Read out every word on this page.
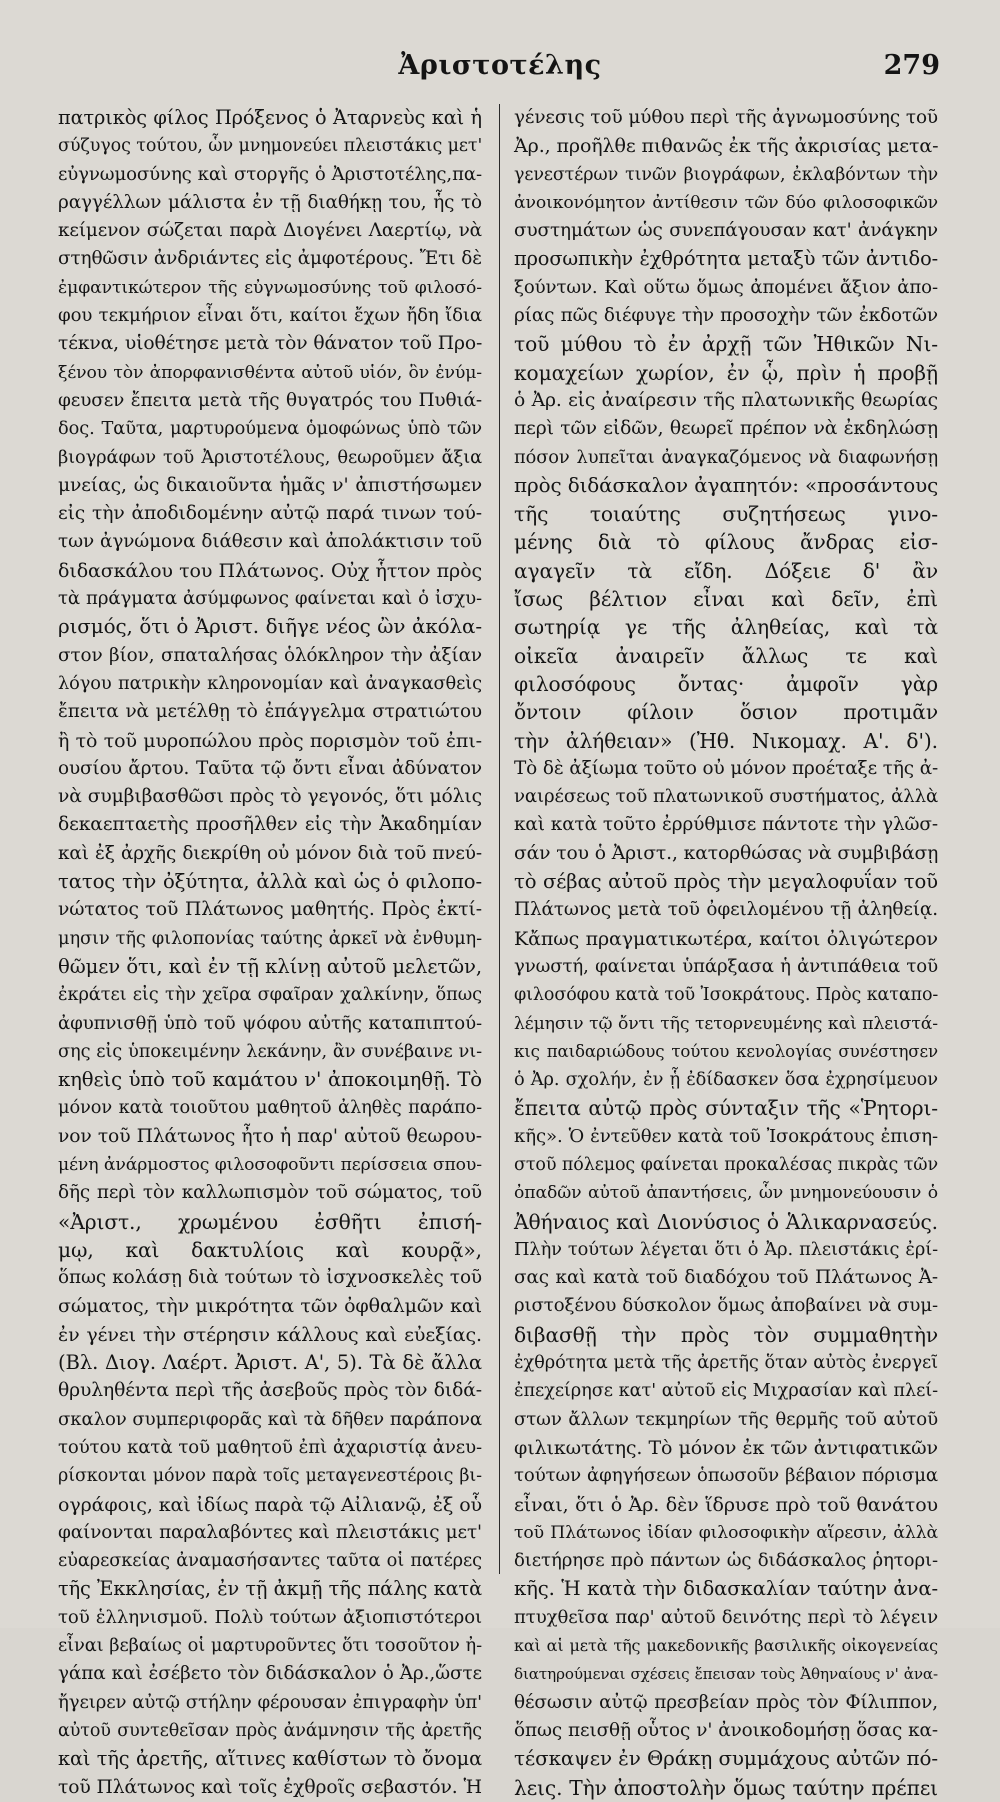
Ἀριστοτέλης	279
πατρικὸς φίλος Πρόξενος ὁ Ἀταρνεὺς καὶ ἡ
σύζυγος τούτου, ὧν μνημονεύει πλειστάκις μετ'
εὐγνωμοσύνης καὶ στοργῆς ὁ Ἀριστοτέλης,πα-
ραγγέλλων μάλιστα ἐν τῇ διαθήκῃ του, ἧς τὸ
κείμενον σώζεται παρὰ Διογένει Λαερτίῳ, νὰ
στηθῶσιν ἀνδριάντες εἰς ἀμφοτέρους. Ἔτι δὲ
ἐμφαντικώτερον τῆς εὐγνωμοσύνης τοῦ φιλοσό-
φου τεκμήριον εἶναι ὅτι, καίτοι ἔχων ἤδη ἴδια
τέκνα, υἱοθέτησε μετὰ τὸν θάνατον τοῦ Προ-
ξένου τὸν ἀπορφανισθέντα αὐτοῦ υἱόν, ὃν ἐνύμ-
φευσεν ἔπειτα μετὰ τῆς θυγατρός του Πυθιά-
δος. Ταῦτα, μαρτυρούμενα ὁμοφώνως ὑπὸ τῶν
βιογράφων τοῦ Ἀριστοτέλους, θεωροῦμεν ἄξια
μνείας, ὡς δικαιοῦντα ἡμᾶς ν' ἀπιστήσωμεν
εἰς τὴν ἀποδιδομένην αὐτῷ παρά τινων τού-
των ἀγνώμονα διάθεσιν καὶ ἀπολάκτισιν τοῦ
διδασκάλου του Πλάτωνος. Οὐχ ἧττον πρὸς
τὰ πράγματα ἀσύμφωνος φαίνεται καὶ ὁ ἰσχυ-
ρισμός, ὅτι ὁ Ἀριστ. διῆγε νέος ὢν ἀκόλα-
στον βίον, σπαταλήσας ὁλόκληρον τὴν ἀξίαν
λόγου πατρικὴν κληρονομίαν καὶ ἀναγκασθεὶς
ἔπειτα νὰ μετέλθῃ τὸ ἐπάγγελμα στρατιώτου
ἢ τὸ τοῦ μυροπώλου πρὸς πορισμὸν τοῦ ἐπι-
ουσίου ἄρτου. Ταῦτα τῷ ὄντι εἶναι ἀδύνατον
νὰ συμβιβασθῶσι πρὸς τὸ γεγονός, ὅτι μόλις
δεκαεπταετὴς προσῆλθεν εἰς τὴν Ἀκαδημίαν
καὶ ἐξ ἀρχῆς διεκρίθη οὐ μόνον διὰ τοῦ πνεύ-
τατος τὴν ὀξύτητα, ἀλλὰ καὶ ὡς ὁ φιλοπο-
νώτατος τοῦ Πλάτωνος μαθητής. Πρὸς ἐκτί-
μησιν τῆς φιλοπονίας ταύτης ἀρκεῖ νὰ ἐνθυμη-
θῶμεν ὅτι, καὶ ἐν τῇ κλίνῃ αὐτοῦ μελετῶν,
ἐκράτει εἰς τὴν χεῖρα σφαῖραν χαλκίνην, ὅπως
ἀφυπνισθῇ ὑπὸ τοῦ ψόφου αὐτῆς καταπιπτού-
σης εἰς ὑποκειμένην λεκάνην, ἂν συνέβαινε νι-
κηθεὶς ὑπὸ τοῦ καμάτου ν' ἀποκοιμηθῇ. Τὸ
μόνον κατὰ τοιοῦτου μαθητοῦ ἀληθὲς παράπο-
νον τοῦ Πλάτωνος ἦτο ἡ παρ' αὐτοῦ θεωρου-
μένη ἀνάρμοστος φιλοσοφοῦντι περίσσεια σπου-
δῆς περὶ τὸν καλλωπισμὸν τοῦ σώματος, τοῦ
«Ἀριστ., χρωμένου ἐσθῆτι ἐπισή-
μῳ, καὶ δακτυλίοις καὶ κουρᾷ»,
ὅπως κολάσῃ διὰ τούτων τὸ ἰσχνοσκελὲς τοῦ
σώματος, τὴν μικρότητα τῶν ὀφθαλμῶν καὶ
ἐν γένει τὴν στέρησιν κάλλους καὶ εὐεξίας.
(Βλ. Διογ. Λαέρτ. Ἀριστ. Α', 5). Τὰ δὲ ἄλλα
θρυληθέντα περὶ τῆς ἀσεβοῦς πρὸς τὸν διδά-
σκαλον συμπεριφορᾶς καὶ τὰ δῆθεν παράπονα
τούτου κατὰ τοῦ μαθητοῦ ἐπὶ ἀχαριστίᾳ ἀνευ-
ρίσκονται μόνον παρὰ τοῖς μεταγενεστέροις βι-
ογράφοις, καὶ ἰδίως παρὰ τῷ Αἰλιανῷ, ἐξ οὗ
φαίνονται παραλαβόντες καὶ πλειστάκις μετ'
εὐαρεσκείας ἀναμασήσαντες ταῦτα οἱ πατέρες
τῆς Ἐκκλησίας, ἐν τῇ ἀκμῇ τῆς πάλης κατὰ
τοῦ ἑλληνισμοῦ. Πολὺ τούτων ἀξιοπιστότεροι
εἶναι βεβαίως οἱ μαρτυροῦντες ὅτι τοσοῦτον ἠ-
γάπα καὶ ἐσέβετο τὸν διδάσκαλον ὁ Ἀρ.,ὥστε
ἤγειρεν αὐτῷ στήλην φέρουσαν ἐπιγραφὴν ὑπ'
αὐτοῦ συντεθεῖσαν πρὸς ἀνάμνησιν τῆς ἀρετῆς
καὶ τῆς ἀρετῆς, αἵτινες καθίστων τὸ ὄνομα
τοῦ Πλάτωνος καὶ τοῖς ἐχθροῖς σεβαστόν. Ἡ
γένεσις τοῦ μύθου περὶ τῆς ἀγνωμοσύνης τοῦ
Ἀρ., προῆλθε πιθανῶς ἐκ τῆς ἀκρισίας μετα-
γενεστέρων τινῶν βιογράφων, ἐκλαβόντων τὴν
ἀνοικονόμητον ἀντίθεσιν τῶν δύο φιλοσοφικῶν
συστημάτων ὡς συνεπάγουσαν κατ' ἀνάγκην
προσωπικὴν ἐχθρότητα μεταξὺ τῶν ἀντιδο-
ξούντων. Καὶ οὕτω ὅμως ἀπομένει ἄξιον ἀπο-
ρίας πῶς διέφυγε τὴν προσοχὴν τῶν ἐκδοτῶν
τοῦ μύθου τὸ ἐν ἀρχῇ τῶν Ἠθικῶν Νι-
κομαχείων χωρίον, ἐν ᾧ, πρὶν ἡ προβῇ
ὁ Ἀρ. εἰς ἀναίρεσιν τῆς πλατωνικῆς θεωρίας
περὶ τῶν εἰδῶν, θεωρεῖ πρέπον νὰ ἐκδηλώσῃ
πόσον λυπεῖται ἀναγκαζόμενος νὰ διαφωνήσῃ
πρὸς διδάσκαλον ἀγαπητόν: «προσάντους
τῆς τοιαύτης συζητήσεως γινο-
μένης διὰ τὸ φίλους ἄνδρας εἰσ-
αγαγεῖν τὰ εἴδη. Δόξειε δ' ἂν
ἴσως βέλτιον εἶναι καὶ δεῖν, ἐπὶ
σωτηρίᾳ γε τῆς ἀληθείας, καὶ τὰ
οἰκεῖα ἀναιρεῖν ἄλλως τε καὶ
φιλοσόφους ὄντας· ἀμφοῖν γὰρ
ὄντοιν φίλοιν ὅσιον προτιμᾶν
τὴν ἀλήθειαν» (Ἠθ. Νικομαχ. Α'. δ').
Τὸ δὲ ἀξίωμα τοῦτο οὐ μόνον προέταξε τῆς ἀ-
ναιρέσεως τοῦ πλατωνικοῦ συστήματος, ἀλλὰ
καὶ κατὰ τοῦτο ἐρρύθμισε πάντοτε τὴν γλῶσ-
σάν του ὁ Ἀριστ., κατορθώσας νὰ συμβιβάσῃ
τὸ σέβας αὐτοῦ πρὸς τὴν μεγαλοφυΐαν τοῦ
Πλάτωνος μετὰ τοῦ ὀφειλομένου τῇ ἀληθείᾳ.
Κἄπως πραγματικωτέρα, καίτοι ὀλιγώτερον
γνωστή, φαίνεται ὑπάρξασα ἡ ἀντιπάθεια τοῦ
φιλοσόφου κατὰ τοῦ Ἰσοκράτους. Πρὸς καταπο-
λέμησιν τῷ ὄντι τῆς τετορνευμένης καὶ πλειστά-
κις παιδαριώδους τούτου κενολογίας συνέστησεν
ὁ Ἀρ. σχολήν, ἐν ᾗ ἐδίδασκεν ὅσα ἐχρησίμευον
ἔπειτα αὐτῷ πρὸς σύνταξιν τῆς «Ῥητορι-
κῆς». Ὁ ἐντεῦθεν κατὰ τοῦ Ἰσοκράτους ἐπιση-
στοῦ πόλεμος φαίνεται προκαλέσας πικρὰς τῶν
ὀπαδῶν αὐτοῦ ἀπαντήσεις, ὧν μνημονεύουσιν ὁ
Ἀθήναιος καὶ Διονύσιος ὁ Ἁλικαρνασεύς.
Πλὴν τούτων λέγεται ὅτι ὁ Ἀρ. πλειστάκις ἐρί-
σας καὶ κατὰ τοῦ διαδόχου τοῦ Πλάτωνος Ἀ-
ριστοξένου δύσκολον ὅμως ἀποβαίνει νὰ συμ-
διβασθῇ τὴν πρὸς τὸν συμμαθητὴν
ἐχθρότητα μετὰ τῆς ἀρετῆς ὅταν αὐτὸς ἐνεργεῖ
ἐπεχείρησε κατ' αὐτοῦ εἰς Μιχρασίαν καὶ πλεί-
στων ἄλλων τεκμηρίων τῆς θερμῆς τοῦ αὐτοῦ
φιλικωτάτης. Τὸ μόνον ἐκ τῶν ἀντιφατικῶν
τούτων ἀφηγήσεων ὁπωσοῦν βέβαιον πόρισμα
εἶναι, ὅτι ὁ Ἀρ. δὲν ἵδρυσε πρὸ τοῦ θανάτου
τοῦ Πλάτωνος ἰδίαν φιλοσοφικὴν αἵρεσιν, ἀλλὰ
διετήρησε πρὸ πάντων ὡς διδάσκαλος ῥητορι-
κῆς. Ἡ κατὰ τὴν διδασκαλίαν ταύτην ἀνα-
πτυχθεῖσα παρ' αὐτοῦ δεινότης περὶ τὸ λέγειν
καὶ αἱ μετὰ τῆς μακεδονικῆς βασιλικῆς οἰκογενείας
διατηρούμεναι σχέσεις ἔπεισαν τοὺς Ἀθηναίους ν' ἀνα-
θέσωσιν αὐτῷ πρεσβείαν πρὸς τὸν Φίλιππον,
ὅπως πεισθῇ οὗτος ν' ἀνοικοδομήσῃ ὅσας κα-
τέσκαψεν ἐν Θράκῃ συμμάχους αὐτῶν πό-
λεις. Τὴν ἀποστολὴν ὅμως ταύτην πρέπει
